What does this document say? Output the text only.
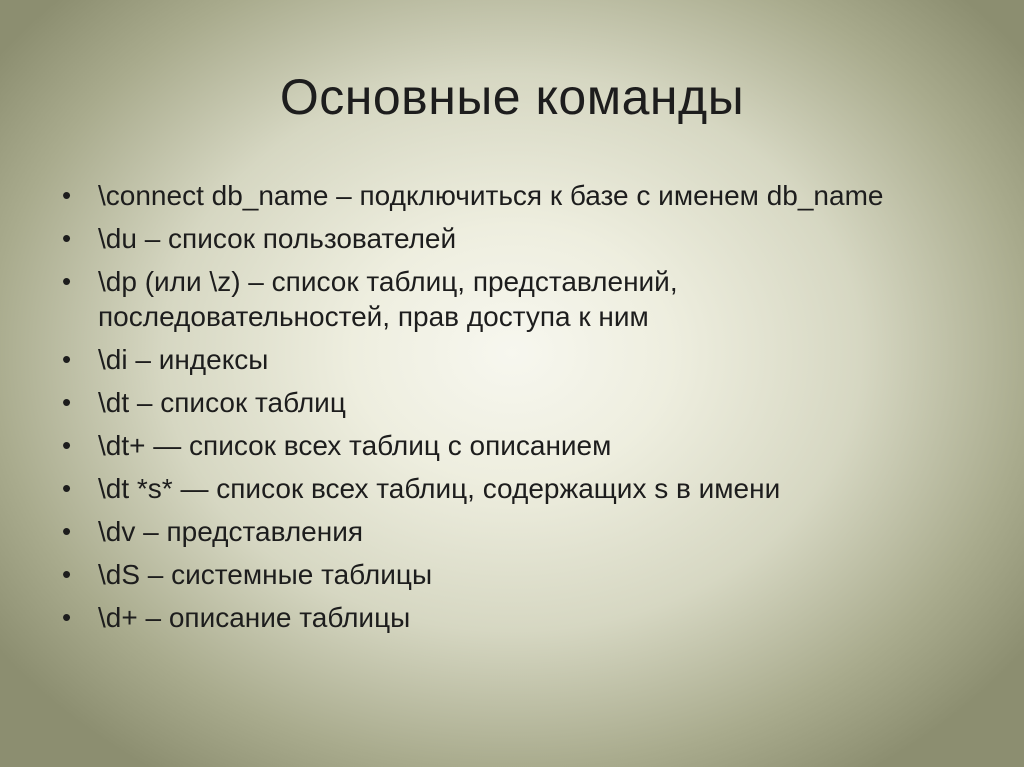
Основные команды
• \connect db_name – подключиться к базе с именем db_name
• \du – список пользователей
• \dp (или \z) – список таблиц, представлений, последовательностей, прав доступа к ним
• \di – индексы
• \dt – список таблиц
• \dt+ — список всех таблиц с описанием
• \dt *s* — список всех таблиц, содержащих s в имени
• \dv – представления
• \dS – системные таблицы
• \d+ – описание таблицы
